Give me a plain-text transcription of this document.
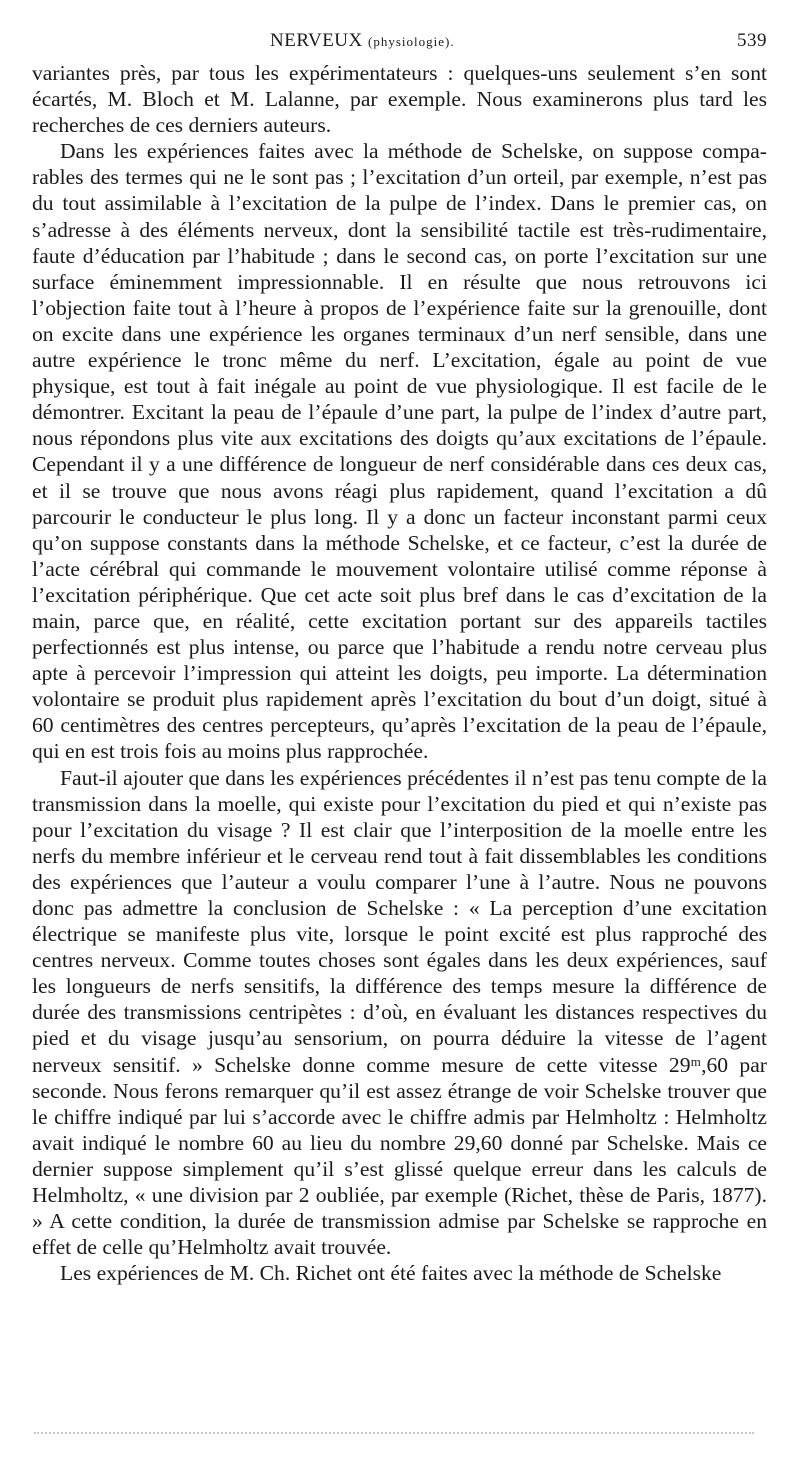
NERVEUX (physiologie).	539

variantes près, par tous les expérimentateurs : quelques-uns seulement s’en sont écartés, M. Bloch et M. Lalanne, par exemple. Nous examinerons plus tard les recherches de ces derniers auteurs.

Dans les expériences faites avec la méthode de Schelske, on suppose comparables des termes qui ne le sont pas ; l’excitation d’un orteil, par exemple, n’est pas du tout assimilable à l’excitation de la pulpe de l’index. Dans le premier cas, on s’adresse à des éléments nerveux, dont la sensibilité tactile est très-rudimentaire, faute d’éducation par l’habitude ; dans le second cas, on porte l’excitation sur une surface éminemment impressionnable. Il en résulte que nous retrouvons ici l’objection faite tout à l’heure à propos de l’expérience faite sur la grenouille, dont on excite dans une expérience les organes terminaux d’un nerf sensible, dans une autre expérience le tronc même du nerf. L’excitation, égale au point de vue physique, est tout à fait inégale au point de vue physiologique. Il est facile de le démontrer. Excitant la peau de l’épaule d’une part, la pulpe de l’index d’autre part, nous répondons plus vite aux excitations des doigts qu’aux excitations de l’épaule. Cependant il y a une différence de longueur de nerf considérable dans ces deux cas, et il se trouve que nous avons réagi plus rapidement, quand l’excitation a dû parcourir le conducteur le plus long. Il y a donc un facteur inconstant parmi ceux qu’on suppose constants dans la méthode Schelske, et ce facteur, c’est la durée de l’acte cérébral qui commande le mouvement volontaire utilisé comme réponse à l’excitation périphérique. Que cet acte soit plus bref dans le cas d’excitation de la main, parce que, en réalité, cette excitation portant sur des appareils tactiles perfectionnés est plus intense, ou parce que l’habitude a rendu notre cerveau plus apte à percevoir l’impression qui atteint les doigts, peu importe. La détermination volontaire se produit plus rapidement après l’excitation du bout d’un doigt, situé à 60 centimètres des centres percepteurs, qu’après l’excitation de la peau de l’épaule, qui en est trois fois au moins plus rapprochée.

Faut-il ajouter que dans les expériences précédentes il n’est pas tenu compte de la transmission dans la moelle, qui existe pour l’excitation du pied et qui n’existe pas pour l’excitation du visage ? Il est clair que l’interposition de la moelle entre les nerfs du membre inférieur et le cerveau rend tout à fait dissemblables les conditions des expériences que l’auteur a voulu comparer l’une à l’autre. Nous ne pouvons donc pas admettre la conclusion de Schelske : « La perception d’une excitation électrique se manifeste plus vite, lorsque le point excité est plus rapproché des centres nerveux. Comme toutes choses sont égales dans les deux expériences, sauf les longueurs de nerfs sensitifs, la différence des temps mesure la différence de durée des transmissions centripètes : d’où, en évaluant les distances respectives du pied et du visage jusqu’au sensorium, on pourra déduire la vitesse de l’agent nerveux sensitif. » Schelske donne comme mesure de cette vitesse 29ᵐ,60 par seconde. Nous ferons remarquer qu’il est assez étrange de voir Schelske trouver que le chiffre indiqué par lui s’accorde avec le chiffre admis par Helmholtz : Helmholtz avait indiqué le nombre 60 au lieu du nombre 29,60 donné par Schelske. Mais ce dernier suppose simplement qu’il s’est glissé quelque erreur dans les calculs de Helmholtz, « une division par 2 oubliée, par exemple (Richet, thèse de Paris, 1877). » A cette condition, la durée de transmission admise par Schelske se rapproche en effet de celle qu’Helmholtz avait trouvée.

Les expériences de M. Ch. Richet ont été faites avec la méthode de Schelske
